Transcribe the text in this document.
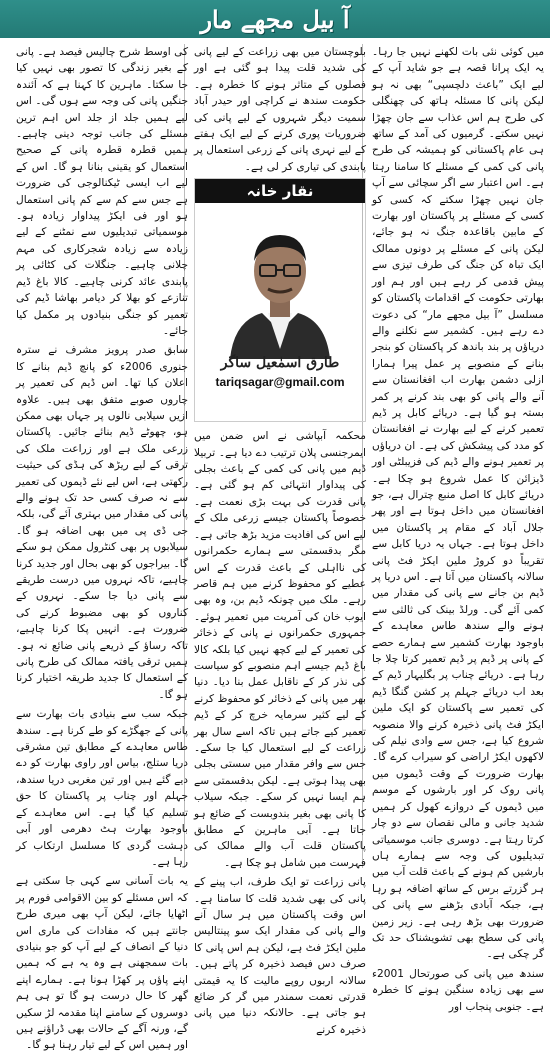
آ بیل مجھے مار

میں کوئی نئی بات لکھنے نہیں جا رہا۔ یہ ایک پرانا قصہ ہے جو شاید آپ کے لیے ایک ”باعث دلچسپی“ بھی نہ ہو لیکن پانی کا مسئلہ ہاتھ کی چھنگلی کی طرح ہم اس عذاب سے جان چھڑا نہیں سکتے۔ گرمیوں کی آمد کے ساتھ ہی عام پاکستانی کو ہمیشہ کی طرح پانی کی کمی کے مسئلے کا سامنا رہتا ہے۔ اس اعتبار سے اگر سچائی سے آپ جان نہیں چھڑا سکتے کہ کسی کو کسی کے مسئلے پر پاکستان اور بھارت کے مابین باقاعدہ جنگ نہ ہو جائے، لیکن پانی کے مسئلے پر دونوں ممالک ایک تباہ کن جنگ کی طرف تیزی سے پیش قدمی کر رہے ہیں اور ہم اور بھارتی حکومت کے اقدامات پاکستان کو مسلسل ”آ بیل مجھے مار“ کی دعوت دے رہے ہیں۔ کشمیر سے نکلنے والے دریاؤں پر بند باندھ کر پاکستان کو بنجر بنانے کے منصوبے پر عمل پیرا ہمارا ازلی دشمن بھارت اب افغانستان سے آنے والے پانی کو بھی بند کرنے پر کمر بستہ ہو گیا ہے۔ دریائے کابل پر ڈیم تعمیر کرنے کے لیے بھارت نے افغانستان کو مدد کی پیشکش کی ہے۔ ان دریاؤں پر تعمیر ہونے والے ڈیم کی فزیبلٹی اور ڈیزائن کا عمل شروع ہو چکا ہے۔ دریائے کابل کا اصل منبع چترال ہے، جو افغانستان میں داخل ہوتا ہے اور پھر جلال آباد کے مقام پر پاکستان میں داخل ہوتا ہے۔ جہاں یہ دریا کابل سے تقریباً دو کروڑ ملین ایکڑ فٹ پانی سالانہ پاکستان میں آتا ہے۔ اس دریا پر ڈیم بن جانے سے پانی کی مقدار میں کمی آئے گی۔ ورلڈ بینک کی ثالثی سے ہونے والے سندھ طاس معاہدے کے باوجود بھارت کشمیر سے ہمارے حصے کے پانی پر ڈیم پر ڈیم تعمیر کرتا چلا جا رہا ہے۔ دریائے چناب پر بگلیہار ڈیم کے بعد اب دریائے جہلم پر کشن گنگا ڈیم کی تعمیر سے پاکستان کو ایک ملین ایکڑ فٹ پانی ذخیرہ کرنے والا منصوبہ شروع کیا ہے، جس سے وادی نیلم کی لاکھوں ایکڑ اراضی کو سیراب کرے گا۔ بھارت ضرورت کے وقت ڈیموں میں پانی روک کر اور بارشوں کے موسم میں ڈیموں کے دروازے کھول کر ہمیں شدید جانی و مالی نقصان سے دو چار کرتا رہتا ہے۔ دوسری جانب موسمیاتی تبدیلیوں کی وجہ سے ہمارے ہاں بارشیں کم ہونے کے باعث قلت آب میں ہر گزرتے برس کے ساتھ اضافہ ہو رہا ہے، جبکہ آبادی بڑھنے سے پانی کی ضرورت بھی بڑھ رہی ہے۔ زیر زمین پانی کی سطح بھی تشویشناک حد تک گر چکی ہے۔

سندھ میں پانی کی صورتحال 2001ء سے بھی زیادہ سنگین ہونے کا خطرہ ہے۔ جنوبی پنجاب اور

بلوچستان میں بھی زراعت کے لیے پانی کی شدید قلت پیدا ہو گئی ہے اور فصلوں کے متاثر ہونے کا خطرہ ہے۔ حکومت سندھ نے کراچی اور حیدر آباد سمیت دیگر شہروں کے لیے پانی کی ضروریات پوری کرنے کے لیے ایک ہفتے کے لیے نہری پانی کے زرعی استعمال پر پابندی کی تیاری کر لی ہے۔

نقار خانہ
طارق اسمٰعیل ساگر
tariqsagar@gmail.com

محکمہ آبپاشی نے اس ضمن میں ایمرجنسی پلان ترتیب دے دیا ہے۔ تربیلا ڈیم میں پانی کی کمی کے باعث بجلی کی پیداوار انتہائی کم ہو گئی ہے۔ پانی قدرت کی بہت بڑی نعمت ہے۔ خصوصاً پاکستان جیسے زرعی ملک کے لیے اس کی افادیت مزید بڑھ جاتی ہے۔ مگر بدقسمتی سے ہمارے حکمرانوں کی نااہلی کے باعث قدرت کے اس عطیے کو محفوظ کرنے میں ہم قاصر رہے۔ ملک میں چونکہ ڈیم بن، وہ بھی ایوب خان کی آمریت میں تعمیر ہوئے۔ جمہوری حکمرانوں نے پانی کے ذخائر کی تعمیر کے لیے کچھ نہیں کیا بلکہ کالا باغ ڈیم جیسے اہم منصوبے کو سیاست کی نذر کر کے ناقابل عمل بنا دیا۔ دنیا بھر میں پانی کے ذخائر کو محفوظ کرنے کے لیے کثیر سرمایہ خرچ کر کے ڈیم تعمیر کیے جاتے ہیں تاکہ اسے سال بھر زراعت کے لیے استعمال کیا جا سکے۔ جس سے وافر مقدار میں سستی بجلی بھی پیدا ہوتی ہے۔ لیکن بدقسمتی سے ہم ایسا نہیں کر سکے۔ جبکہ سیلاب کا پانی بھی بغیر بندوبست کے ضائع ہو جاتا ہے۔ آبی ماہرین کے مطابق پاکستان قلت آب والے ممالک کی فہرست میں شامل ہو چکا ہے۔

پانی زراعت تو ایک طرف، اب پینے کے پانی کی بھی شدید قلت کا سامنا ہے۔ اس وقت پاکستان میں ہر سال آنے والے پانی کی مقدار ایک سو پینتالیس ملین ایکڑ فٹ ہے، لیکن ہم اس پانی کا صرف دس فیصد ذخیرہ کر پاتے ہیں۔ سالانہ اربوں روپے مالیت کا یہ قیمتی قدرتی نعمت سمندر میں گر کر ضائع ہو جاتی ہے۔ حالانکہ دنیا میں پانی ذخیرہ کرنے

کی اوسط شرح چالیس فیصد ہے۔ پانی کے بغیر زندگی کا تصور بھی نہیں کیا جا سکتا۔ ماہرین کا کہنا ہے کہ آئندہ جنگیں پانی کی وجہ سے ہوں گی۔ اس لیے ہمیں جلد از جلد اس اہم ترین مسئلے کی جانب توجہ دینی چاہیے۔ ہمیں قطرہ قطرہ پانی کے صحیح استعمال کو یقینی بنانا ہو گا۔ اس کے لیے اب ایسی ٹیکنالوجی کی ضرورت ہے جس سے کم سے کم پانی استعمال ہو اور فی ایکڑ پیداوار زیادہ ہو۔ موسمیاتی تبدیلیوں سے نمٹنے کے لیے زیادہ سے زیادہ شجرکاری کی مہم چلانی چاہیے۔ جنگلات کی کٹائی پر پابندی عائد کرنی چاہیے۔ کالا باغ ڈیم تنازعے کو بھلا کر دیامر بھاشا ڈیم کی تعمیر کو جنگی بنیادوں پر مکمل کیا جائے۔

سابق صدر پرویز مشرف نے سترہ جنوری 2006ء کو پانچ ڈیم بنانے کا اعلان کیا تھا۔ اس ڈیم کی تعمیر پر چاروں صوبے متفق بھی ہیں۔ علاوہ ازیں سیلابی نالوں پر جہاں بھی ممکن ہو، چھوٹے ڈیم بنائے جائیں۔ پاکستان زرعی ملک ہے اور زراعت ملک کی ترقی کے لیے ریڑھ کی ہڈی کی حیثیت رکھتی ہے، اس لیے نئے ڈیموں کی تعمیر سے نہ صرف کسی حد تک ہونے والے پانی کی مقدار میں بہتری آئے گی، بلکہ جی ڈی پی میں بھی اضافہ ہو گا۔ سیلابوں پر بھی کنٹرول ممکن ہو سکے گا۔ بیراجوں کو بھی بحال اور جدید کرنا چاہیے، تاکہ نہروں میں درست طریقے سے پانی دیا جا سکے۔ نہروں کے کناروں کو بھی مضبوط کرنے کی ضرورت ہے۔ انہیں پکا کرنا چاہیے، تاکہ رساؤ کے ذریعے پانی ضائع نہ ہو۔ ہمیں ترقی یافتہ ممالک کی طرح پانی کے استعمال کا جدید طریقہ اختیار کرنا ہو گا۔

جبکہ سب سے بنیادی بات بھارت سے پانی کے جھگڑے کو طے کرنا ہے۔ سندھ طاس معاہدے کے مطابق تین مشرقی دریا ستلج، بیاس اور راوی بھارت کو دے دیے گئے ہیں اور تین مغربی دریا سندھ، جہلم اور چناب پر پاکستان کا حق تسلیم کیا گیا ہے۔ اس معاہدے کے باوجود بھارت ہٹ دھرمی اور آبی دہشت گردی کا مسلسل ارتکاب کر رہا ہے۔

یہ بات آسانی سے کہی جا سکتی ہے کہ اس مسئلے کو بین الاقوامی فورم پر اٹھایا جائے، لیکن آپ بھی میری طرح جانتے ہیں کہ مفادات کی ماری اس دنیا کے انصاف کے لیے آپ کو جو بنیادی بات سمجھنی ہے وہ یہ ہے کہ ہمیں اپنے پاؤں پر کھڑا ہونا ہے۔ ہمارے اپنے گھر کا حال درست ہو گا تو ہی ہم دوسروں کے سامنے اپنا مقدمہ لڑ سکیں گے، ورنہ آگے کے حالات بھی ڈراؤنے ہیں اور ہمیں اس کے لیے تیار رہنا ہو گا۔
